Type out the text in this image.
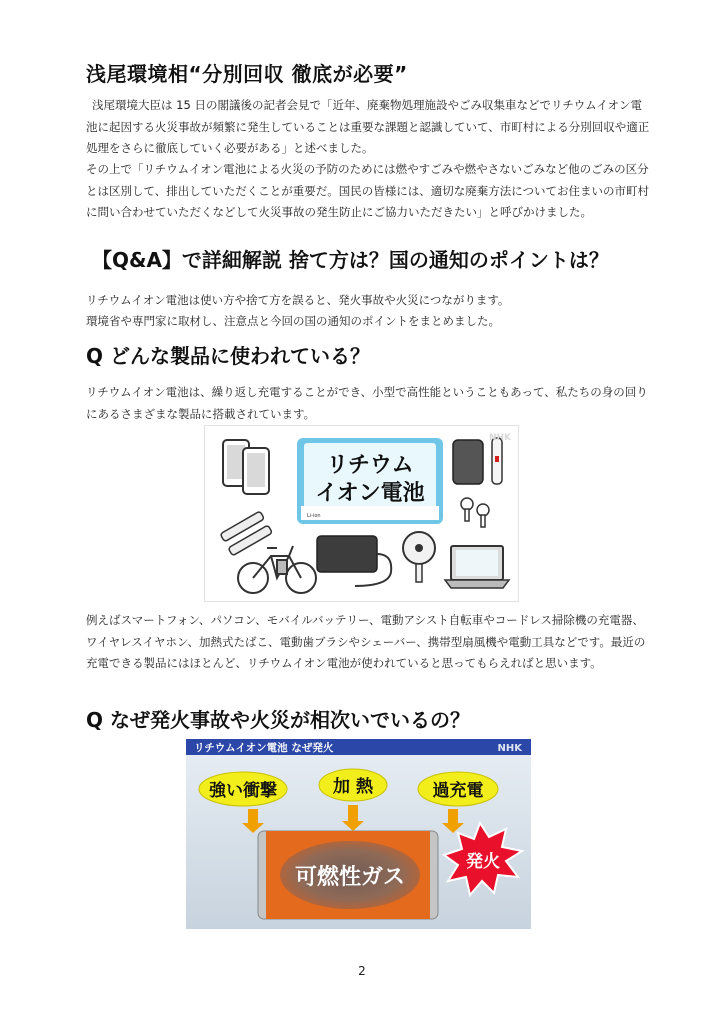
浅尾環境相“分別回収 徹底が必要”

浅尾環境大臣は 15 日の閣議後の記者会見で「近年、廃棄物処理施設やごみ収集車などでリチウムイオン電池に起因する火災事故が頻繁に発生していることは重要な課題と認識していて、市町村による分別回収や適正処理をさらに徹底していく必要がある」と述べました。

その上で「リチウムイオン電池による火災の予防のためには燃やすごみや燃やさないごみなど他のごみの区分とは区別して、排出していただくことが重要だ。国民の皆様には、適切な廃棄方法についてお住まいの市町村に問い合わせていただくなどして火災事故の発生防止にご協力いただきたい」と呼びかけました。

【Q&A】で詳細解説 捨て方は？国の通知のポイントは？

リチウムイオン電池は使い方や捨て方を誤ると、発火事故や火災につながります。

環境省や専門家に取材し、注意点と今回の国の通知のポイントをまとめました。

Q どんな製品に使われている？

リチウムイオン電池は、繰り返し充電することができ、小型で高性能ということもあって、私たちの身の回りにあるさまざまな製品に搭載されています。

リチウム
イオン電池
Li-ion
NHK

例えばスマートフォン、パソコン、モバイルバッテリー、電動アシスト自転車やコードレス掃除機の充電器、ワイヤレスイヤホン、加熱式たばこ、電動歯ブラシやシェーバー、携帯型扇風機や電動工具などです。最近の充電できる製品にはほとんど、リチウムイオン電池が使われていると思ってもらえればと思います。

Q なぜ発火事故や火災が相次いでいるの？
リチウムイオン電池 なぜ発火	NHK
強い衝撃	加 熱	過充電
可燃性ガス
発火
2
